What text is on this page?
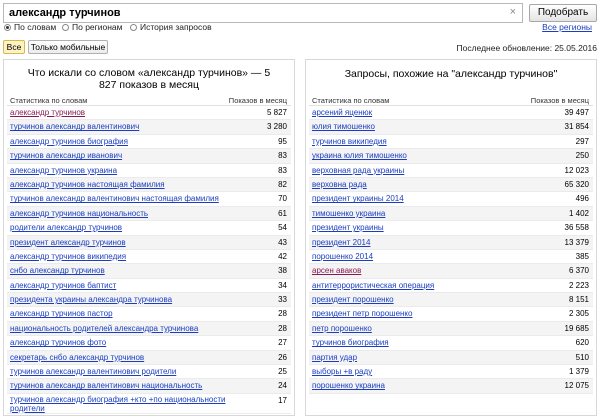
александр турчинов	×	Подобрать
По словам По регионам История запросов	Все регионы
Все	Только мобильные	Последнее обновление: 25.05.2016
Что искали со словом «александр турчинов» — 5 827 показов в месяц
Статистика по словам	Показов в месяц
александр турчинов	5 827
турчинов александр валентинович	3 280
александр турчинов биография	95
турчинов александр иванович	83
александр турчинов украина	83
александр турчинов настоящая фамилия	82
турчинов александр валентинович настоящая фамилия	70
александр турчинов национальность	61
родители александр турчинов	54
президент александр турчинов	43
александр турчинов википедия	42
снбо александр турчинов	38
александр турчинов баптист	34
президента украины александра турчинова	33
александр турчинов пастор	28
национальность родителей александра турчинова	28
александр турчинов фото	27
секретарь снбо александр турчинов	26
турчинов александр валентинович родители	25
турчинов александр валентинович национальность	24
турчинов александр биография +кто +по национальности родители
17
Запросы, похожие на "александр турчинов"
Статистика по словам	Показов в месяц
арсений яценюк	39 497
юлия тимошенко	31 854
турчинов википедия	297
украина юлия тимошенко	250
верховная рада украины	12 023
верховна рада	65 320
президент украины 2014	496
тимошенко украина	1 402
президент украины	36 558
президент 2014	13 379
порошенко 2014	385
арсен аваков	6 370
антитеррористическая операция	2 223
президент порошенко	8 151
президент петр порошенко	2 305
петр порошенко	19 685
турчинов биография	620
партия удар	510
выборы +в раду	1 379
порошенко украина	12 075
